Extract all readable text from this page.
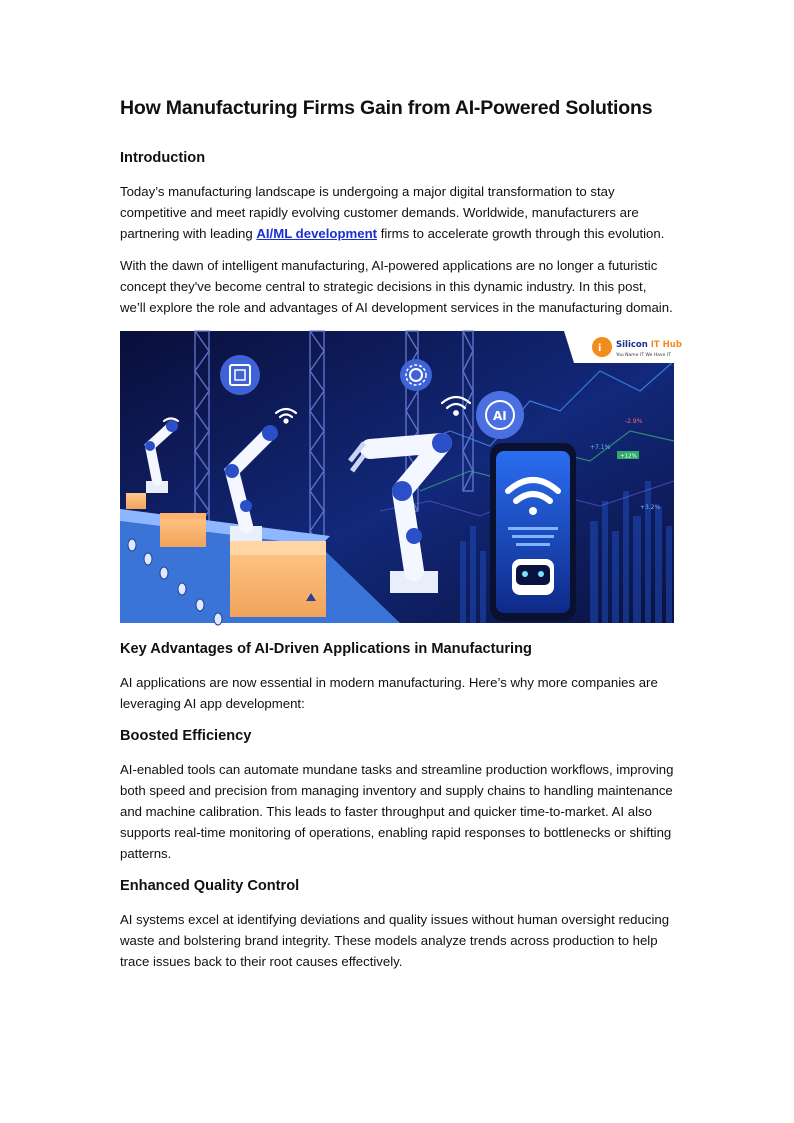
How Manufacturing Firms Gain from AI-Powered Solutions
Introduction

Today’s manufacturing landscape is undergoing a major digital transformation to stay competitive and meet rapidly evolving customer demands. Worldwide, manufacturers are partnering with leading AI/ML development firms to accelerate growth through this evolution.

With the dawn of intelligent manufacturing, AI-powered applications are no longer a futuristic concept they've become central to strategic decisions in this dynamic industry. In this post, we’ll explore the role and advantages of AI development services in the manufacturing domain.

+3.2%	+7.1%
-2.9%
+3.2%
+12%
AI
i Silicon IT Hub
You Name IT We Have IT
Key Advantages of AI-Driven Applications in Manufacturing

AI applications are now essential in modern manufacturing. Here’s why more companies are leveraging AI app development:

Boosted Efficiency

AI-enabled tools can automate mundane tasks and streamline production workflows, improving both speed and precision from managing inventory and supply chains to handling maintenance and machine calibration. This leads to faster throughput and quicker time-to-market. AI also supports real-time monitoring of operations, enabling rapid responses to bottlenecks or shifting patterns.

Enhanced Quality Control

AI systems excel at identifying deviations and quality issues without human oversight reducing waste and bolstering brand integrity. These models analyze trends across production to help trace issues back to their root causes effectively.
